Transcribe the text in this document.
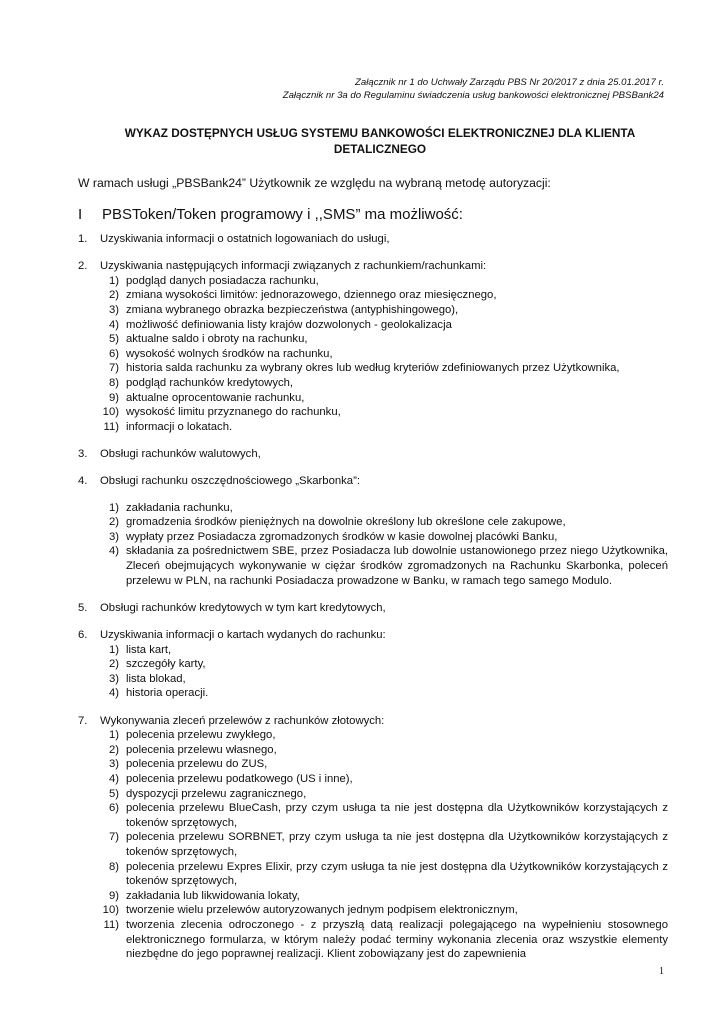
Załącznik nr 1 do Uchwały Zarządu PBS Nr 20/2017 z dnia 25.01.2017 r.
Załącznik nr 3a do Regulaminu świadczenia usług bankowości elektronicznej PBSBank24
WYKAZ DOSTĘPNYCH USŁUG SYSTEMU BANKOWOŚCI ELEKTRONICZNEJ DLA KLIENTA
DETALICZNEGO
W ramach usługi „PBSBank24” Użytkownik ze względu na wybraną metodę autoryzacji:
I PBSToken/Token programowy i ,,SMS” ma możliwość:
1. Uzyskiwania informacji o ostatnich logowaniach do usługi,
2. Uzyskiwania następujących informacji związanych z rachunkiem/rachunkami:
1) podgląd danych posiadacza rachunku,
2) zmiana wysokości limitów: jednorazowego, dziennego oraz miesięcznego,
3) zmiana wybranego obrazka bezpieczeństwa (antyphishingowego),
4) możliwość definiowania listy krajów dozwolonych - geolokalizacja
5) aktualne saldo i obroty na rachunku,
6) wysokość wolnych środków na rachunku,
7) historia salda rachunku za wybrany okres lub według kryteriów zdefiniowanych przez Użytkownika,
8) podgląd rachunków kredytowych,
9) aktualne oprocentowanie rachunku,
10) wysokość limitu przyznanego do rachunku,
11) informacji o lokatach.
3. Obsługi rachunków walutowych,
4. Obsługi rachunku oszczędnościowego „Skarbonka”:
1) zakładania rachunku,
2) gromadzenia środków pieniężnych na dowolnie określony lub określone cele zakupowe,
3) wypłaty przez Posiadacza zgromadzonych środków w kasie dowolnej placówki Banku,
4) składania za pośrednictwem SBE, przez Posiadacza lub dowolnie ustanowionego przez niego Użytkownika, Zleceń obejmujących wykonywanie w ciężar środków zgromadzonych na Rachunku Skarbonka, poleceń przelewu w PLN, na rachunki Posiadacza prowadzone w Banku, w ramach tego samego Modulo.
5. Obsługi rachunków kredytowych w tym kart kredytowych,
6. Uzyskiwania informacji o kartach wydanych do rachunku:
1) lista kart,
2) szczegóły karty,
3) lista blokad,
4) historia operacji.
7. Wykonywania zleceń przelewów z rachunków złotowych:
1) polecenia przelewu zwykłego,
2) polecenia przelewu własnego,
3) polecenia przelewu do ZUS,
4) polecenia przelewu podatkowego (US i inne),
5) dyspozycji przelewu zagranicznego,
6) polecenia przelewu BlueCash, przy czym usługa ta nie jest dostępna dla Użytkowników korzystających z tokenów sprzętowych,
7) polecenia przelewu SORBNET, przy czym usługa ta nie jest dostępna dla Użytkowników korzystających z tokenów sprzętowych,
8) polecenia przelewu Expres Elixir, przy czym usługa ta nie jest dostępna dla Użytkowników korzystających z tokenów sprzętowych,
9) zakładania lub likwidowania lokaty,
10) tworzenie wielu przelewów autoryzowanych jednym podpisem elektronicznym,
11) tworzenia zlecenia odroczonego - z przyszłą datą realizacji polegającego na wypełnieniu stosownego elektronicznego formularza, w którym należy podać terminy wykonania zlecenia oraz wszystkie elementy niezbędne do jego poprawnej realizacji. Klient zobowiązany jest do zapewnienia
1
